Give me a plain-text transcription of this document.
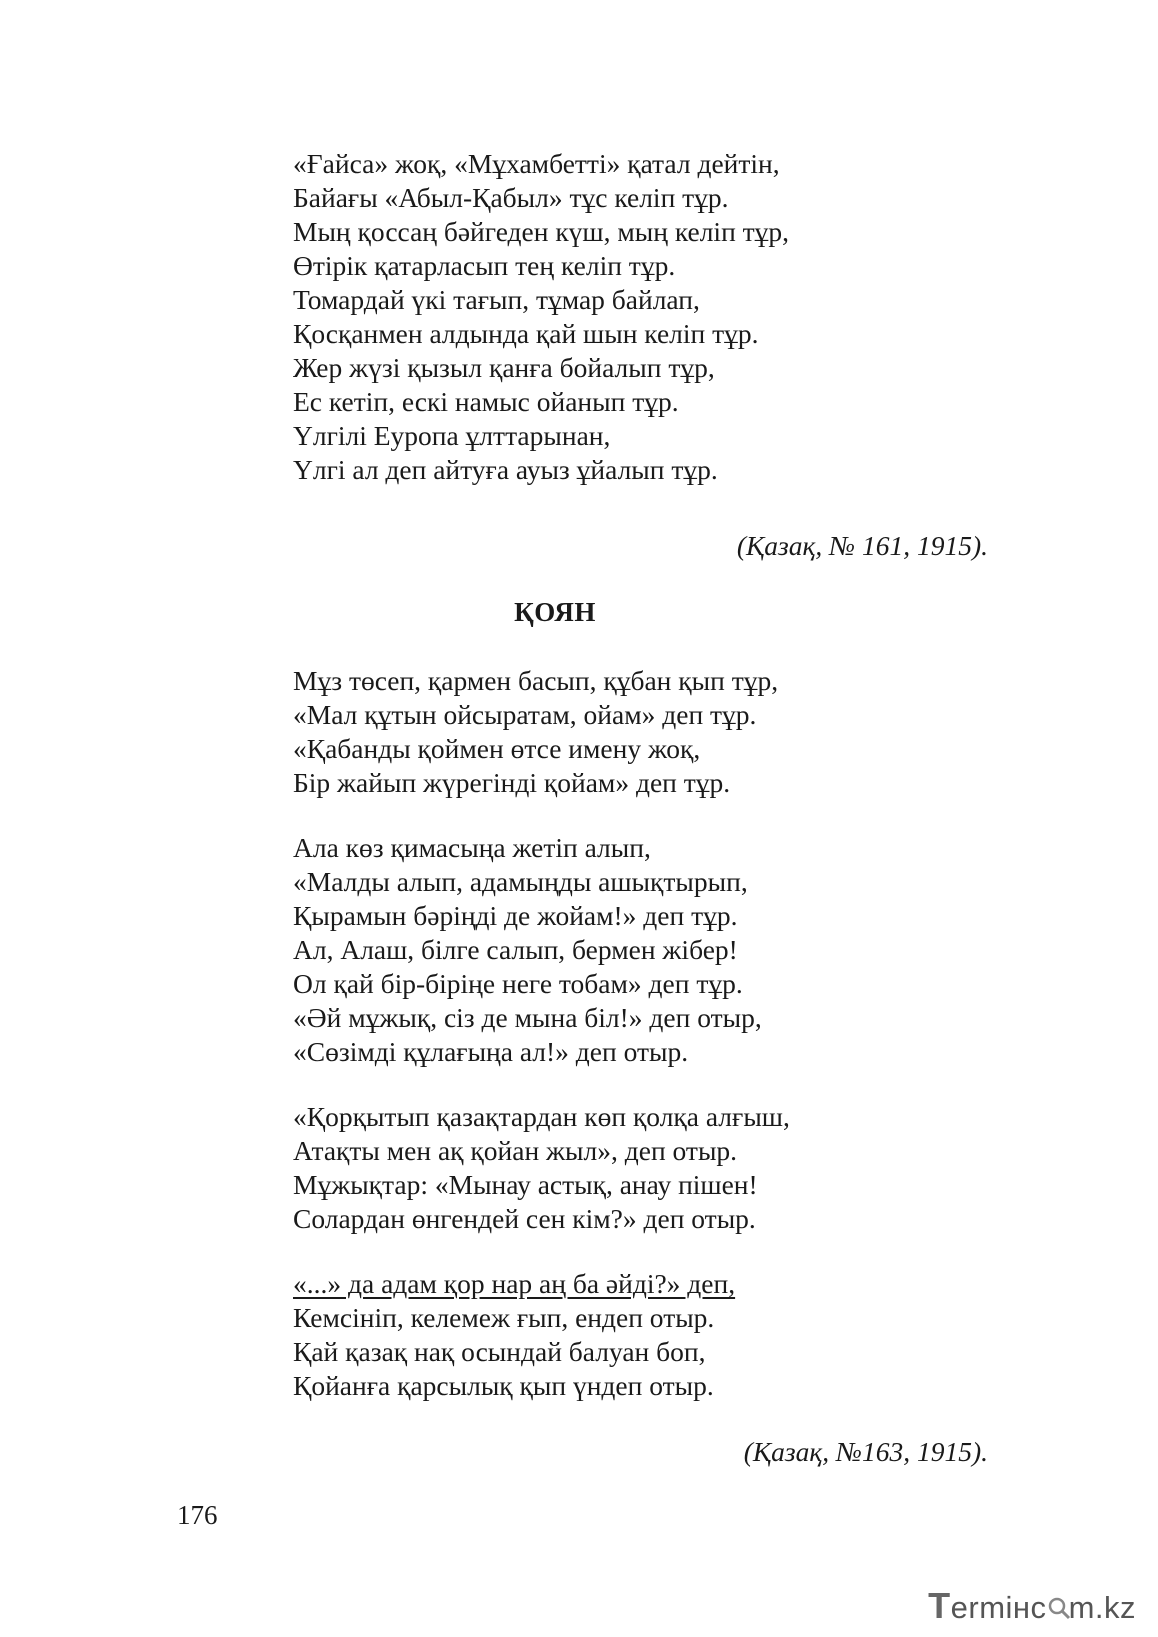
«Ғайса» жоқ, «Мұхамбетті» қатал дейтін,
Байағы «Абыл-Қабыл» тұс келіп тұр.
Мың қоссаң бәйгеден күш, мың келіп тұр,
Өтірік қатарласып тең келіп тұр.
Томардай үкі тағып, тұмар байлап,
Қосқанмен алдында қай шын келіп тұр.
Жер жүзі қызыл қанға бойалып тұр,
Ес кетіп, ескі намыс ойанып тұр.
Үлгілі Еуропа ұлттарынан,
Үлгі ал деп айтуға ауыз ұйалып тұр.
(Қазақ, № 161, 1915).
ҚОЯН
Мұз төсеп, қармен басып, құбан қып тұр,
«Мал құтын ойсыратам, ойам» деп тұр.
«Қабанды қоймен өтсе имену жоқ,
Бір жайып жүрегінді қойам» деп тұр.
Ала көз қимасыңа жетіп алып,
«Малды алып, адамыңды ашықтырып,
Қырамын бәріңді де жойам!» деп тұр.
Ал, Алаш, білге салып, бермен жібер!
Ол қай бір-біріңе неге тобам» деп тұр.
«Әй мұжық, сіз де мына біл!» деп отыр,
«Сөзімді құлағыңа ал!» деп отыр.
«Қорқытып қазақтардан көп қолқа алғыш,
Атақты мен ақ қойан жыл», деп отыр.
Мұжықтар: «Мынау астық, анау пішен!
Солардан өнгендей сен кім?» деп отыр.
«...» да адам қор нар аң ба әйді?» деп,
Кемсініп, келемеж ғып, ендеп отыр.
Қай қазақ нақ осындай балуан боп,
Қойанға қарсылық қып үндеп отыр.
(Қазақ, №163, 1915).
176
T ermінc m.kz
